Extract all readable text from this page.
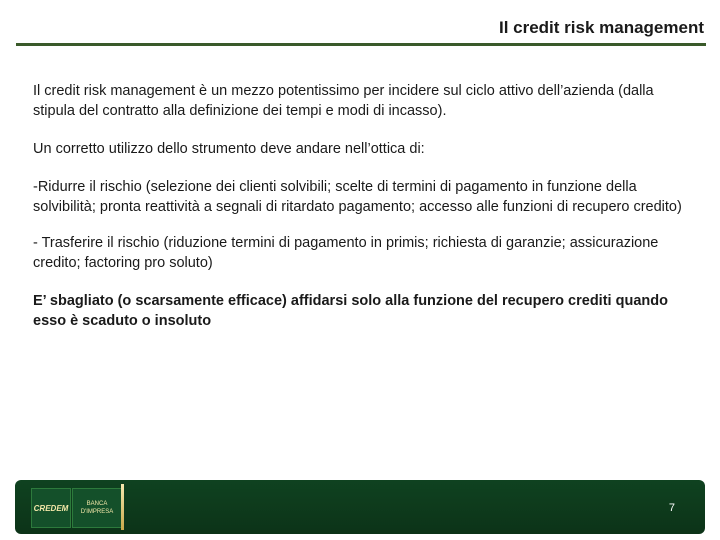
Il credit risk management

Il credit risk management è un mezzo potentissimo per incidere sul ciclo attivo dell’azienda (dalla stipula del contratto alla definizione dei tempi e modi di incasso).

Un corretto utilizzo dello strumento deve andare nell’ottica di:

-Ridurre il rischio (selezione dei clienti solvibili; scelte di termini di pagamento in funzione della solvibilità; pronta reattività a segnali di ritardato pagamento; accesso alle funzioni di recupero credito)

- Trasferire il rischio (riduzione termini di pagamento in primis; richiesta di garanzie; assicurazione credito; factoring pro soluto)

E’ sbagliato (o scarsamente efficace) affidarsi solo alla funzione del recupero crediti quando esso è scaduto o insoluto

CREDEM	BANCA
D'IMPRESA	7
